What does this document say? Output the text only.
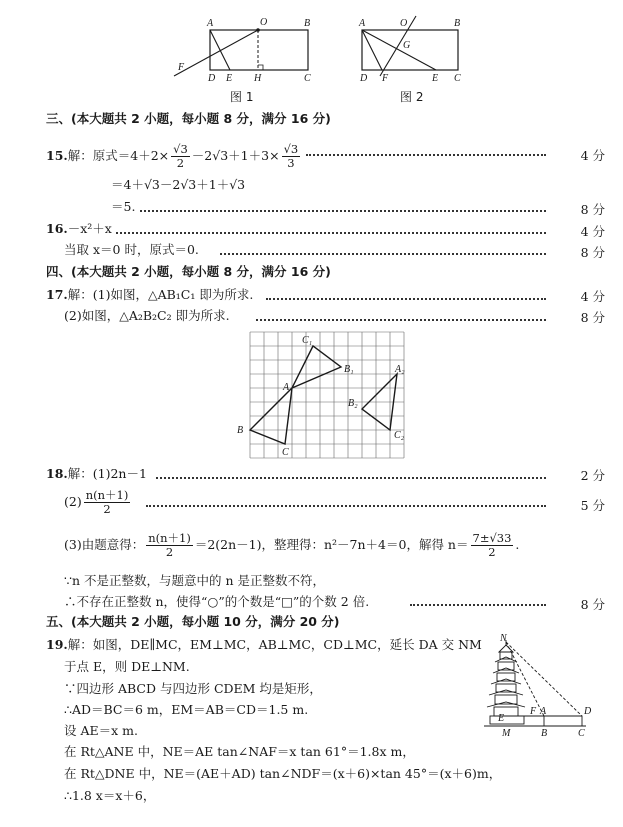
A	O	B
F
D E H	C
图 1
A	O	B
G
D F	E C
图 2
三、(本大题共 2 小题，每小题 8 分，满分 16 分)
15.解：原式$=4+2\times \frac{√3}{2} -2√3+1+3\times \frac{√3}{3}$	4 分
＝4＋√3－2√3＋1＋√3
＝5.	8 分
16.－x²＋x	4 分
当取 x＝0 时，原式＝0.	8 分
四、(本大题共 2 小题，每小题 8 分，满分 16 分)
17.解：(1)如图，△AB₁C₁ 即为所求.	4 分
(2)如图，△A₂B₂C₂ 即为所求.	8 分
C₁
B₁
A
A₂
B₂
B
C
C₂
18.解：(1)2n－1	2 分
$(2) \frac{n(n+1)}{2}$	5 分
(3)由题意得： $\frac{n(n+1)}{2} =2(2n-1)$，整理得：n²－7n＋4＝0，解得 $n= \frac{7\pm√33}{2}$ .
∵n 不是正整数，与题意中的 n 是正整数不符，
∴不存在正整数 n，使得“○”的个数是“□”的个数 2 倍.	8 分
五、(本大题共 2 小题，每小题 10 分，满分 20 分)
19.解：如图，DE∥MC，EM⊥MC，AB⊥MC，CD⊥MC，延长 DA 交 NM
于点 E，则 DE⊥NM.
∵四边形 ABCD 与四边形 CDEM 均是矩形，
∴AD＝BC＝6 m，EM＝AB＝CD＝1.5 m.
设 AE＝x m.
在 Rt△ANE 中，NE＝AE tan∠NAF＝x tan 61°＝1.8x m，
在 Rt△DNE 中，NE＝(AE＋AD) tan∠NDF＝(x＋6)×tan 45°＝(x＋6)m，
∴1.8 x＝x＋6，
N
E
F A	D
M	B	C
